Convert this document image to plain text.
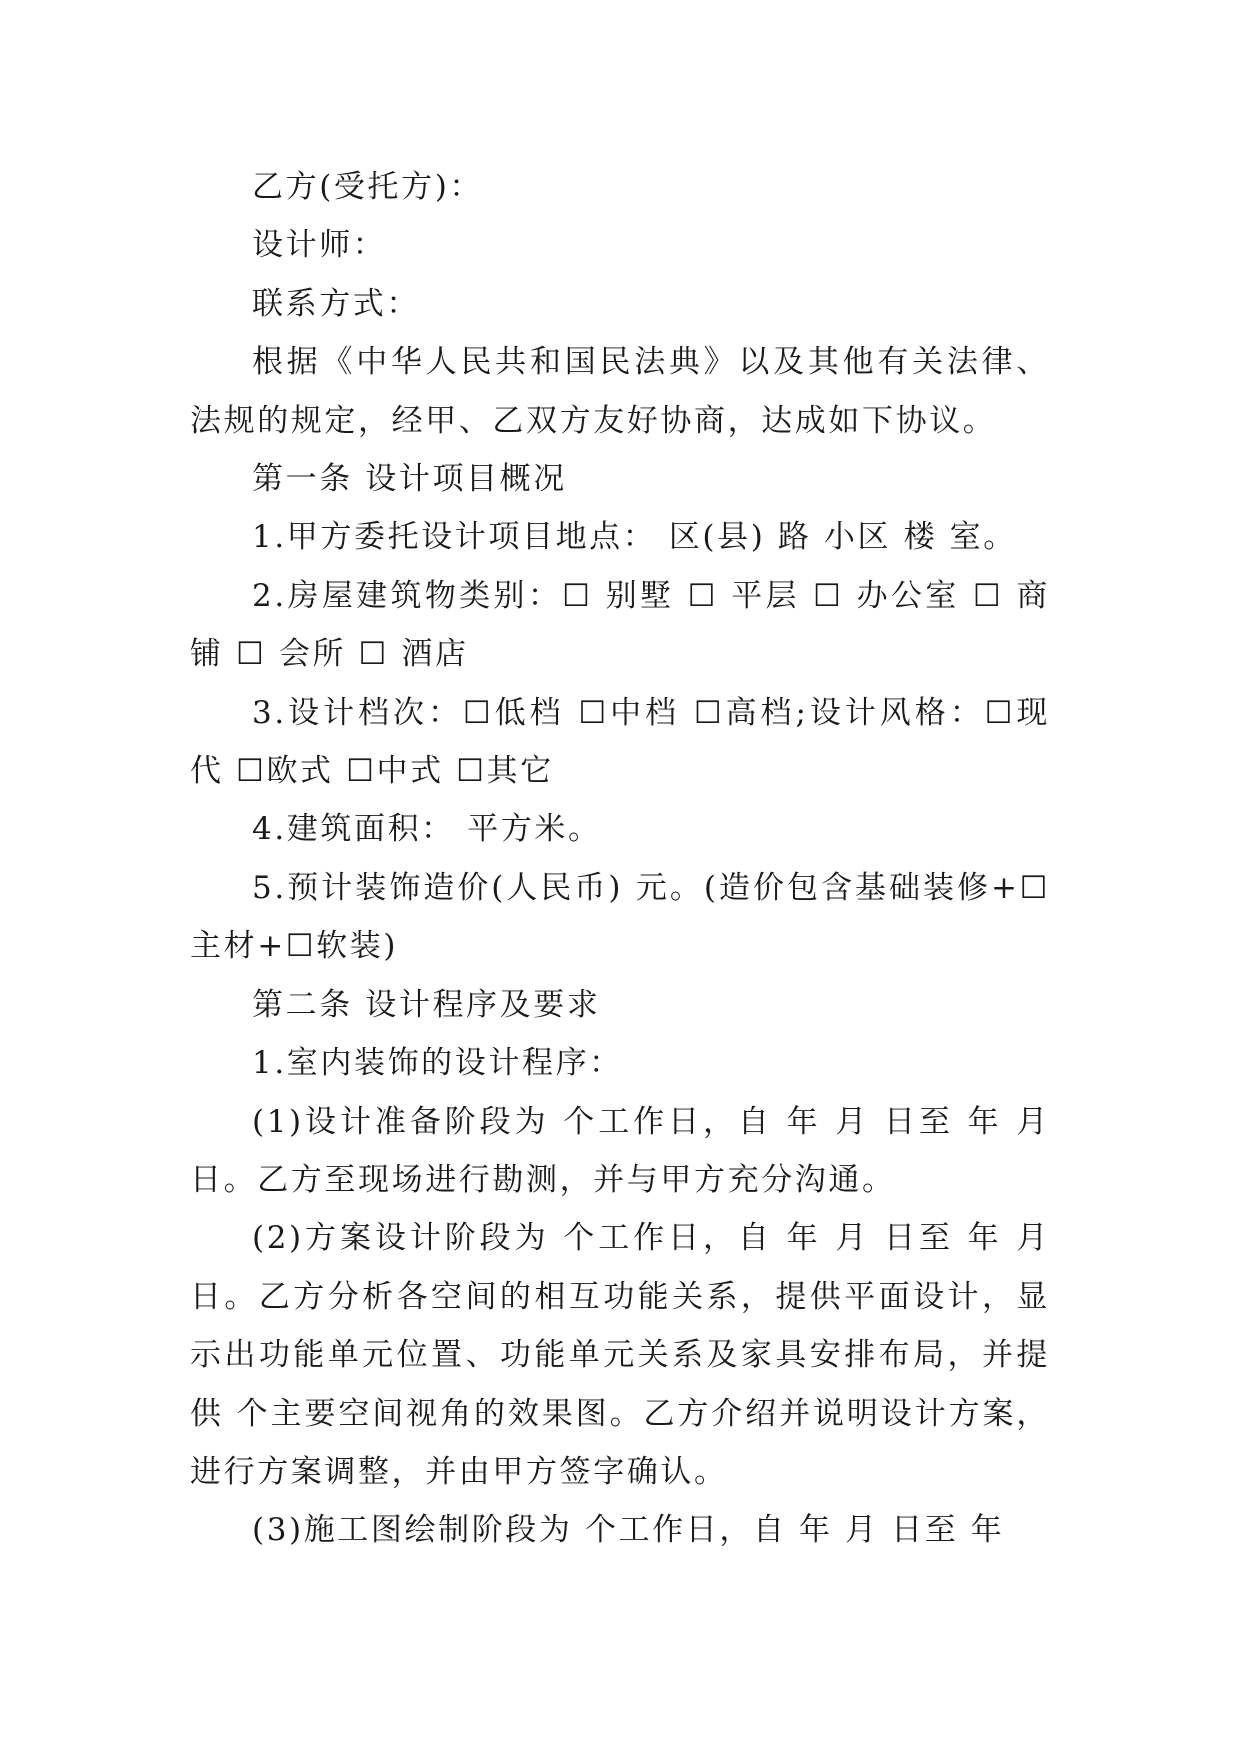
乙方(受托方)：

设计师：

联系方式：

根据《中华人民共和国民法典》以及其他有关法律、法规的规定，经甲、乙双方友好协商，达成如下协议。

第一条 设计项目概况

1.甲方委托设计项目地点： 区(县) 路 小区 楼 室。

2.房屋建筑物类别：☐ 别墅 ☐ 平层 ☐ 办公室 ☐ 商铺 ☐ 会所 ☐ 酒店

3.设计档次：☐低档 ☐中档 ☐高档;设计风格：☐现代 ☐欧式 ☐中式 ☐其它

4.建筑面积： 平方米。

5.预计装饰造价(人民币) 元。(造价包含基础装修+☐主材+☐软装)

第二条 设计程序及要求

1.室内装饰的设计程序：

(1)设计准备阶段为 个工作日，自 年 月 日至 年 月 日。乙方至现场进行勘测，并与甲方充分沟通。

(2)方案设计阶段为 个工作日，自 年 月 日至 年 月 日。乙方分析各空间的相互功能关系，提供平面设计，显示出功能单元位置、功能单元关系及家具安排布局，并提供 个主要空间视角的效果图。乙方介绍并说明设计方案，进行方案调整，并由甲方签字确认。

(3)施工图绘制阶段为 个工作日，自 年 月 日至 年
